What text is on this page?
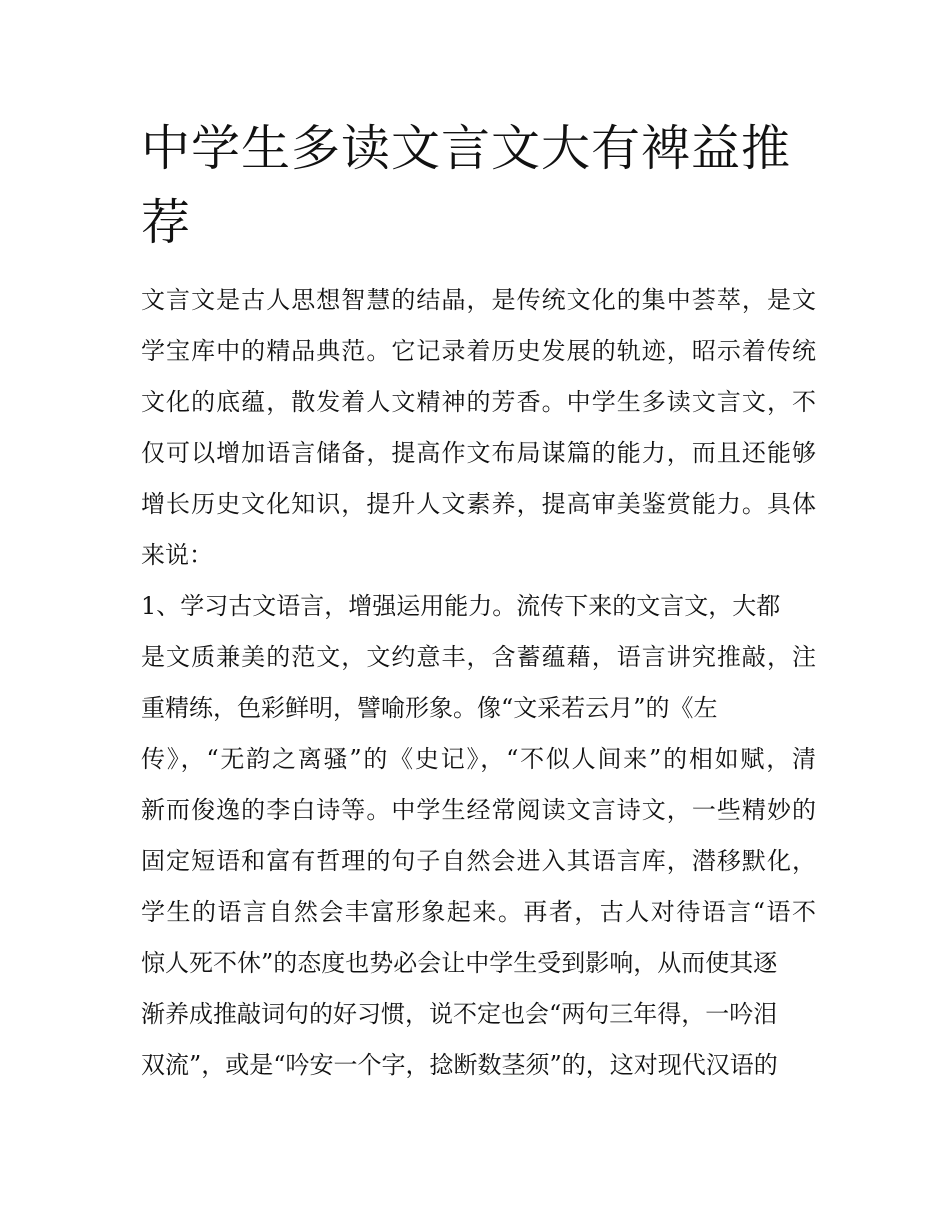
中学生多读文言文大有裨益推荐
文言文是古人思想智慧的结晶，是传统文化的集中荟萃，是文
学宝库中的精品典范。它记录着历史发展的轨迹，昭示着传统
文化的底蕴，散发着人文精神的芳香。中学生多读文言文，不
仅可以增加语言储备，提高作文布局谋篇的能力，而且还能够
增长历史文化知识，提升人文素养，提高审美鉴赏能力。具体
来说：
1、学习古文语言，增强运用能力。流传下来的文言文，大都
是文质兼美的范文，文约意丰，含蓄蕴藉，语言讲究推敲，注
重精练，色彩鲜明，譬喻形象。像“文采若云月”的《左
传》，“无韵之离骚”的《史记》，“不似人间来”的相如赋，清
新而俊逸的李白诗等。中学生经常阅读文言诗文，一些精妙的
固定短语和富有哲理的句子自然会进入其语言库，潜移默化，
学生的语言自然会丰富形象起来。再者，古人对待语言“语不
惊人死不休”的态度也势必会让中学生受到影响，从而使其逐
渐养成推敲词句的好习惯，说不定也会“两句三年得，一吟泪
双流”，或是“吟安一个字，捻断数茎须”的，这对现代汉语的
